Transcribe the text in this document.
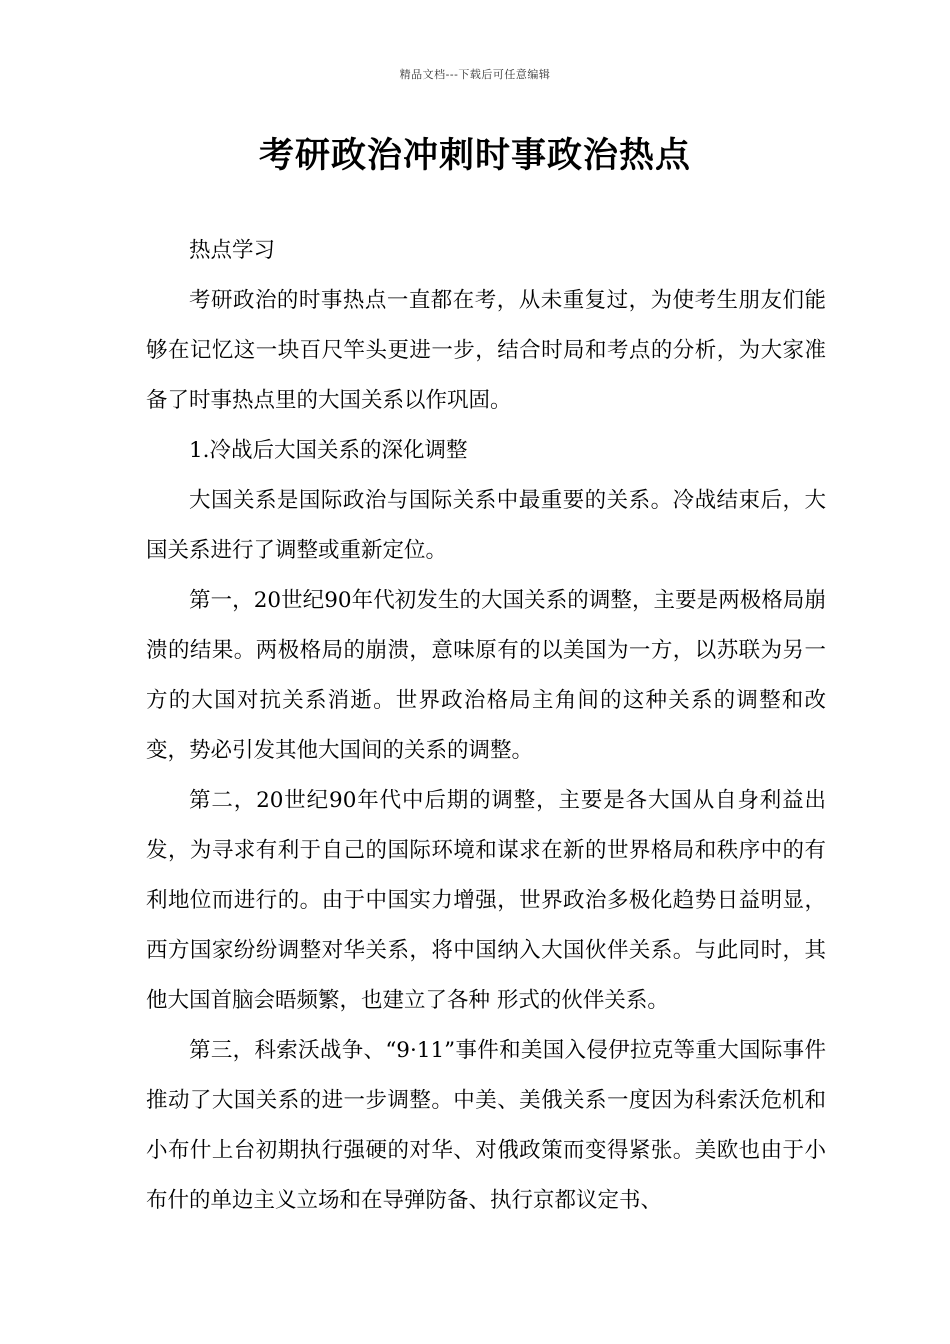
精品文档---下载后可任意编辑
考研政治冲刺时事政治热点

热点学习

考研政治的时事热点一直都在考，从未重复过，为使考生朋友们能够在记忆这一块百尺竿头更进一步，结合时局和考点的分析，为大家准备了时事热点里的大国关系以作巩固。

1.冷战后大国关系的深化调整

大国关系是国际政治与国际关系中最重要的关系。冷战结束后，大国关系进行了调整或重新定位。

第一，20世纪90年代初发生的大国关系的调整，主要是两极格局崩溃的结果。两极格局的崩溃，意味原有的以美国为一方，以苏联为另一方的大国对抗关系消逝。世界政治格局主角间的这种关系的调整和改变，势必引发其他大国间的关系的调整。

第二，20世纪90年代中后期的调整，主要是各大国从自身利益出发，为寻求有利于自己的国际环境和谋求在新的世界格局和秩序中的有利地位而进行的。由于中国实力增强，世界政治多极化趋势日益明显，西方国家纷纷调整对华关系，将中国纳入大国伙伴关系。与此同时，其他大国首脑会晤频繁，也建立了各种 形式的伙伴关系。

第三，科索沃战争、“9·11”事件和美国入侵伊拉克等重大国际事件推动了大国关系的进一步调整。中美、美俄关系一度因为科索沃危机和小布什上台初期执行强硬的对华、对俄政策而变得紧张。美欧也由于小布什的单边主义立场和在导弹防备、执行京都议定书、
